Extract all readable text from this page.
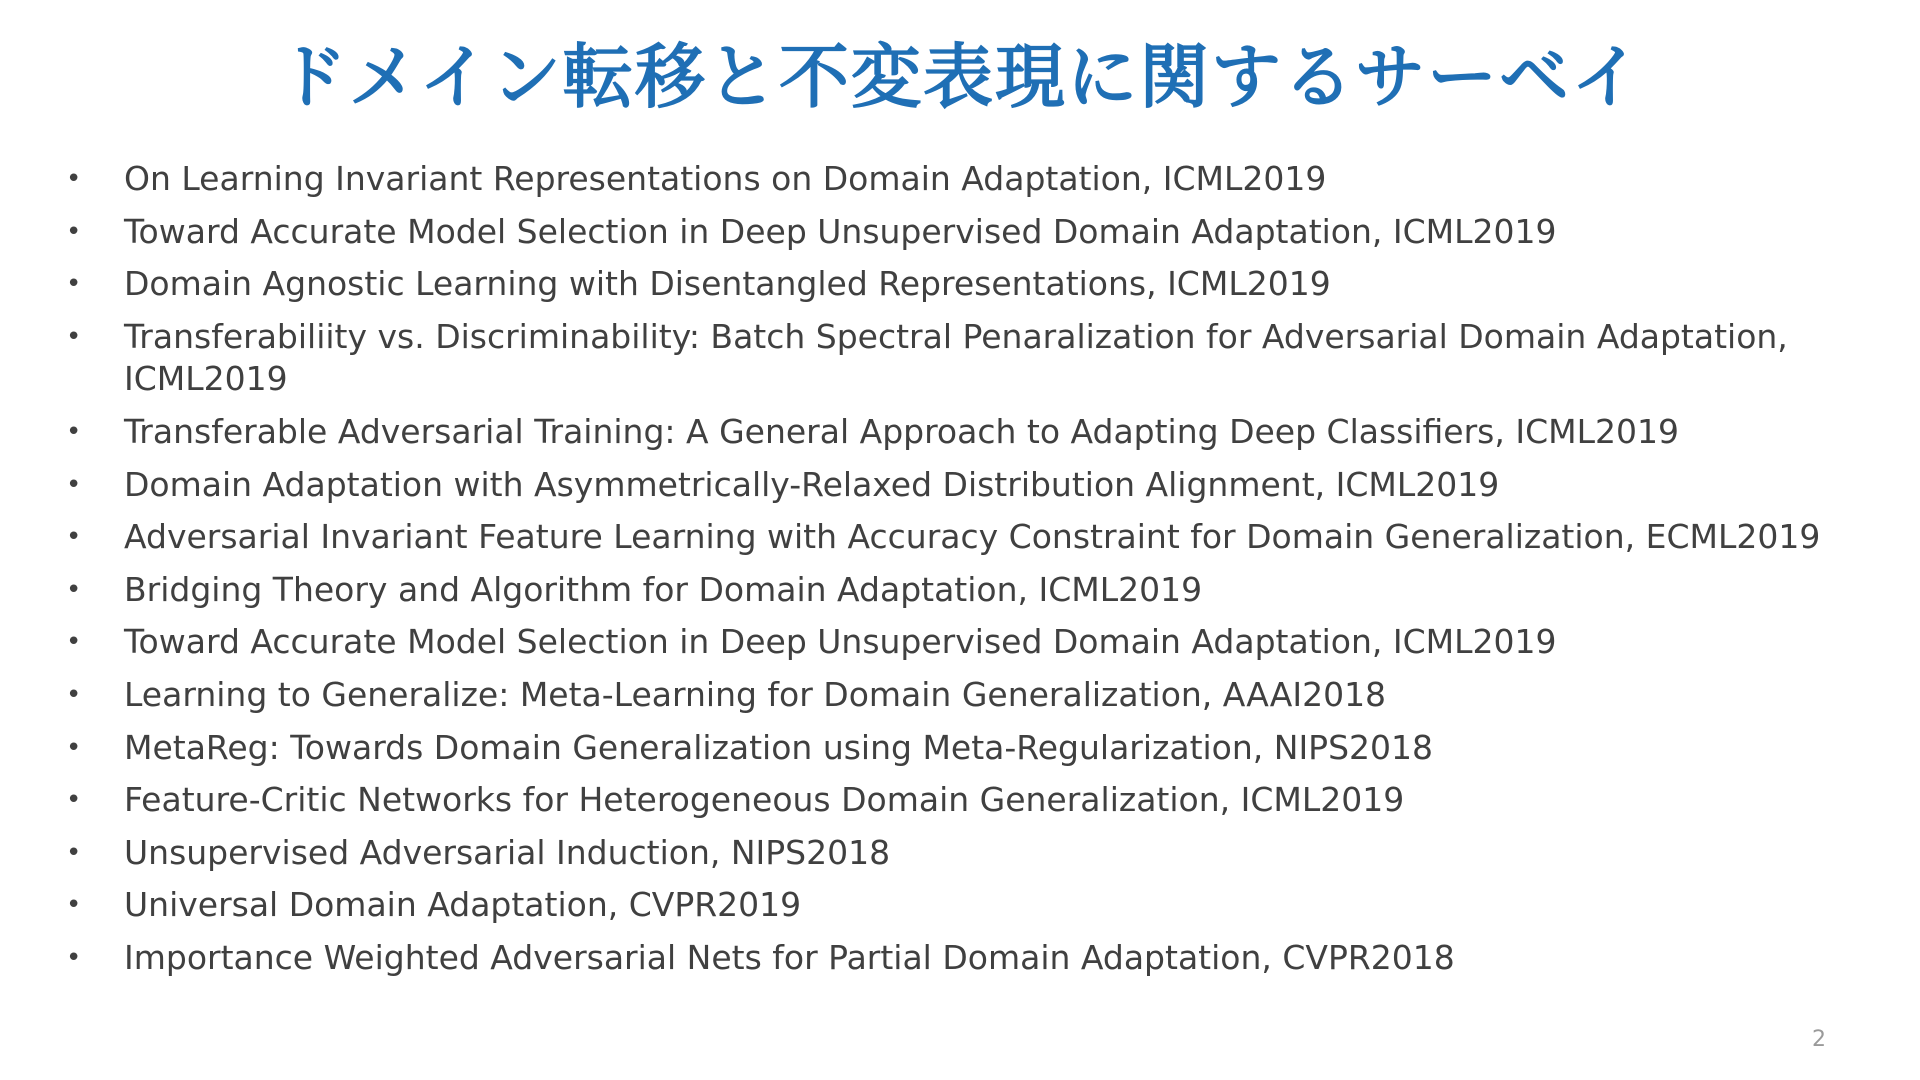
ドメイン転移と不変表現に関するサーベイ
•	On Learning Invariant Representations on Domain Adaptation, ICML2019
•	Toward Accurate Model Selection in Deep Unsupervised Domain Adaptation, ICML2019
•	Domain Agnostic Learning with Disentangled Representations, ICML2019
•	Transferabiliity vs. Discriminability: Batch Spectral Penaralization for Adversarial Domain Adaptation, ICML2019
•	Transferable Adversarial Training: A General Approach to Adapting Deep Classifiers, ICML2019
•	Domain Adaptation with Asymmetrically-Relaxed Distribution Alignment, ICML2019
•	Adversarial Invariant Feature Learning with Accuracy Constraint for Domain Generalization, ECML2019
•	Bridging Theory and Algorithm for Domain Adaptation, ICML2019
•	Toward Accurate Model Selection in Deep Unsupervised Domain Adaptation, ICML2019
•	Learning to Generalize: Meta-Learning for Domain Generalization, AAAI2018
•	MetaReg: Towards Domain Generalization using Meta-Regularization, NIPS2018
•	Feature-Critic Networks for Heterogeneous Domain Generalization, ICML2019
•	Unsupervised Adversarial Induction, NIPS2018
•	Universal Domain Adaptation, CVPR2019
•	Importance Weighted Adversarial Nets for Partial Domain Adaptation, CVPR2018
2
